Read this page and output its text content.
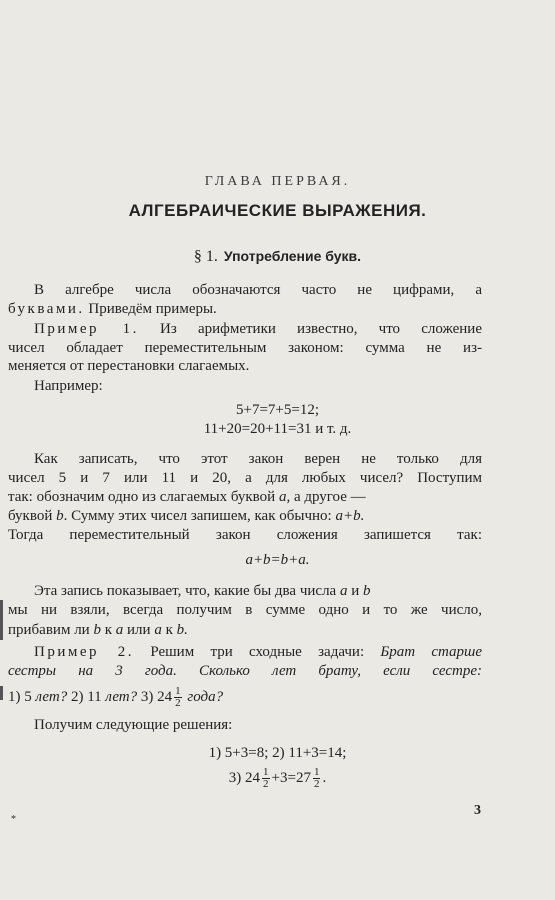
ГЛАВА ПЕРВАЯ.
АЛГЕБРАИЧЕСКИЕ ВЫРАЖЕНИЯ.
§ 1. Употребление букв.
В алгебре числа обозначаются часто не цифрами, а
буквами. Приведём примеры.
Пример 1. Из арифметики известно, что сложение
чисел обладает переместительным законом: сумма не из-
меняется от перестановки слагаемых.
Например:
5+7=7+5=12;
11+20=20+11=31 и т. д.
Как записать, что этот закон верен не только для
чисел 5 и 7 или 11 и 20, а для любых чисел? Поступим
так: обозначим одно из слагаемых буквой a, а другое —
буквой b. Сумму этих чисел запишем, как обычно: a+b.
Тогда переместительный закон сложения запишется так:
a+b=b+a.
Эта запись показывает, что, какие бы два числа a и b
мы ни взяли, всегда получим в сумме одно и то же число,
прибавим ли b к a или a к b.
Пример 2. Решим три сходные задачи: Брат старше
сестры на 3 года. Сколько лет брату, если сестре:
1) 5 лет? 2) 11 лет? 3) $24 \frac{1}{2}$ года?
Получим следующие решения:
1) 5+3=8; 2) 11+3=14;
3) $24 \frac{1}{2} +3=27 \frac{1}{2}$ .
3
*
